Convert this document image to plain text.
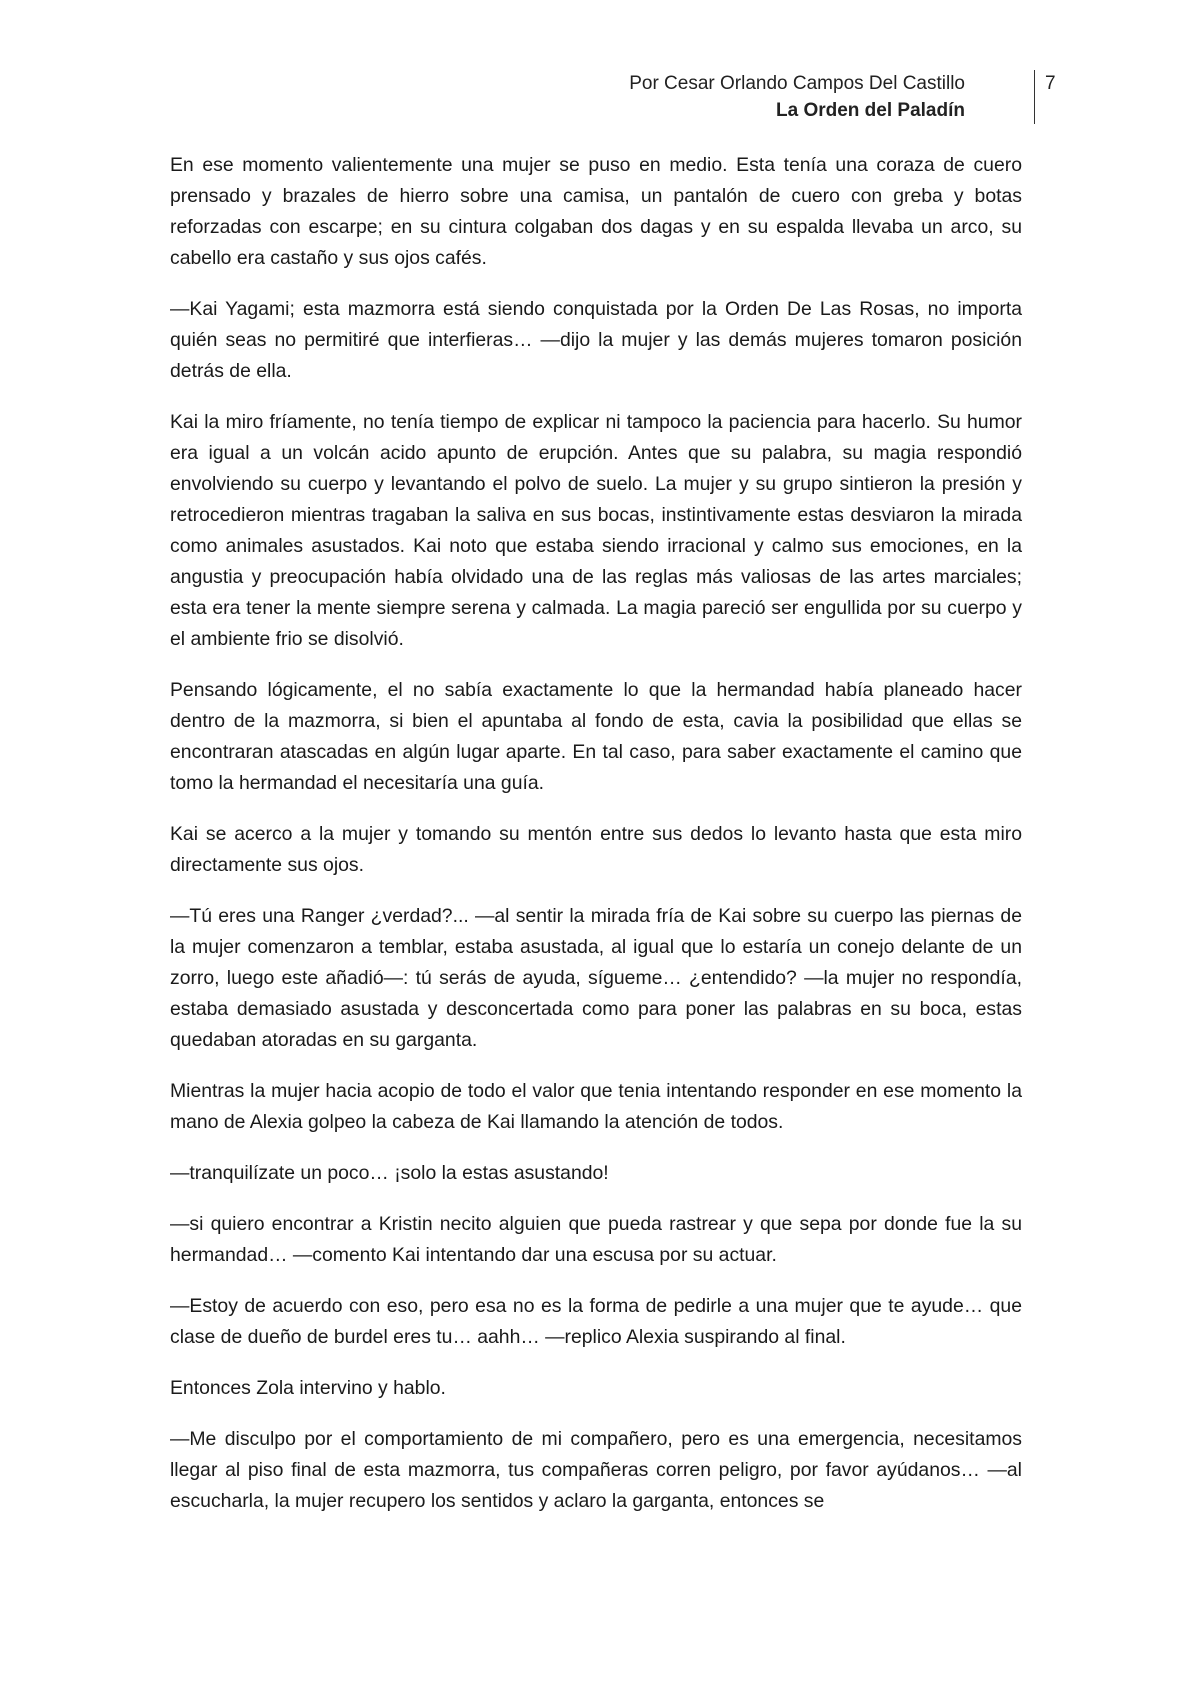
Por Cesar Orlando Campos Del Castillo
La Orden del Paladín
7

En ese momento valientemente una mujer se puso en medio. Esta tenía una coraza de cuero prensado y brazales de hierro sobre una camisa, un pantalón de cuero con greba y botas reforzadas con escarpe; en su cintura colgaban dos dagas y en su espalda llevaba un arco, su cabello era castaño y sus ojos cafés.

—Kai Yagami; esta mazmorra está siendo conquistada por la Orden De Las Rosas, no importa quién seas no permitiré que interfieras… —dijo la mujer y las demás mujeres tomaron posición detrás de ella.

Kai la miro fríamente, no tenía tiempo de explicar ni tampoco la paciencia para hacerlo. Su humor era igual a un volcán acido apunto de erupción. Antes que su palabra, su magia respondió envolviendo su cuerpo y levantando el polvo de suelo. La mujer y su grupo sintieron la presión y retrocedieron mientras tragaban la saliva en sus bocas, instintivamente estas desviaron la mirada como animales asustados. Kai noto que estaba siendo irracional y calmo sus emociones, en la angustia y preocupación había olvidado una de las reglas más valiosas de las artes marciales; esta era tener la mente siempre serena y calmada. La magia pareció ser engullida por su cuerpo y el ambiente frio se disolvió.

Pensando lógicamente, el no sabía exactamente lo que la hermandad había planeado hacer dentro de la mazmorra, si bien el apuntaba al fondo de esta, cavia la posibilidad que ellas se encontraran atascadas en algún lugar aparte. En tal caso, para saber exactamente el camino que tomo la hermandad el necesitaría una guía.

Kai se acerco a la mujer y tomando su mentón entre sus dedos lo levanto hasta que esta miro directamente sus ojos.

—Tú eres una Ranger ¿verdad?... —al sentir la mirada fría de Kai sobre su cuerpo las piernas de la mujer comenzaron a temblar, estaba asustada, al igual que lo estaría un conejo delante de un zorro, luego este añadió—: tú serás de ayuda, sígueme… ¿entendido? —la mujer no respondía, estaba demasiado asustada y desconcertada como para poner las palabras en su boca, estas quedaban atoradas en su garganta.

Mientras la mujer hacia acopio de todo el valor que tenia intentando responder en ese momento la mano de Alexia golpeo la cabeza de Kai llamando la atención de todos.

—tranquilízate un poco… ¡solo la estas asustando!

—si quiero encontrar a Kristin necito alguien que pueda rastrear y que sepa por donde fue la su hermandad… —comento Kai intentando dar una escusa por su actuar.

—Estoy de acuerdo con eso, pero esa no es la forma de pedirle a una mujer que te ayude… que clase de dueño de burdel eres tu… aahh… —replico Alexia suspirando al final.

Entonces Zola intervino y hablo.

—Me disculpo por el comportamiento de mi compañero, pero es una emergencia, necesitamos llegar al piso final de esta mazmorra, tus compañeras corren peligro, por favor ayúdanos… —al escucharla, la mujer recupero los sentidos y aclaro la garganta, entonces se
